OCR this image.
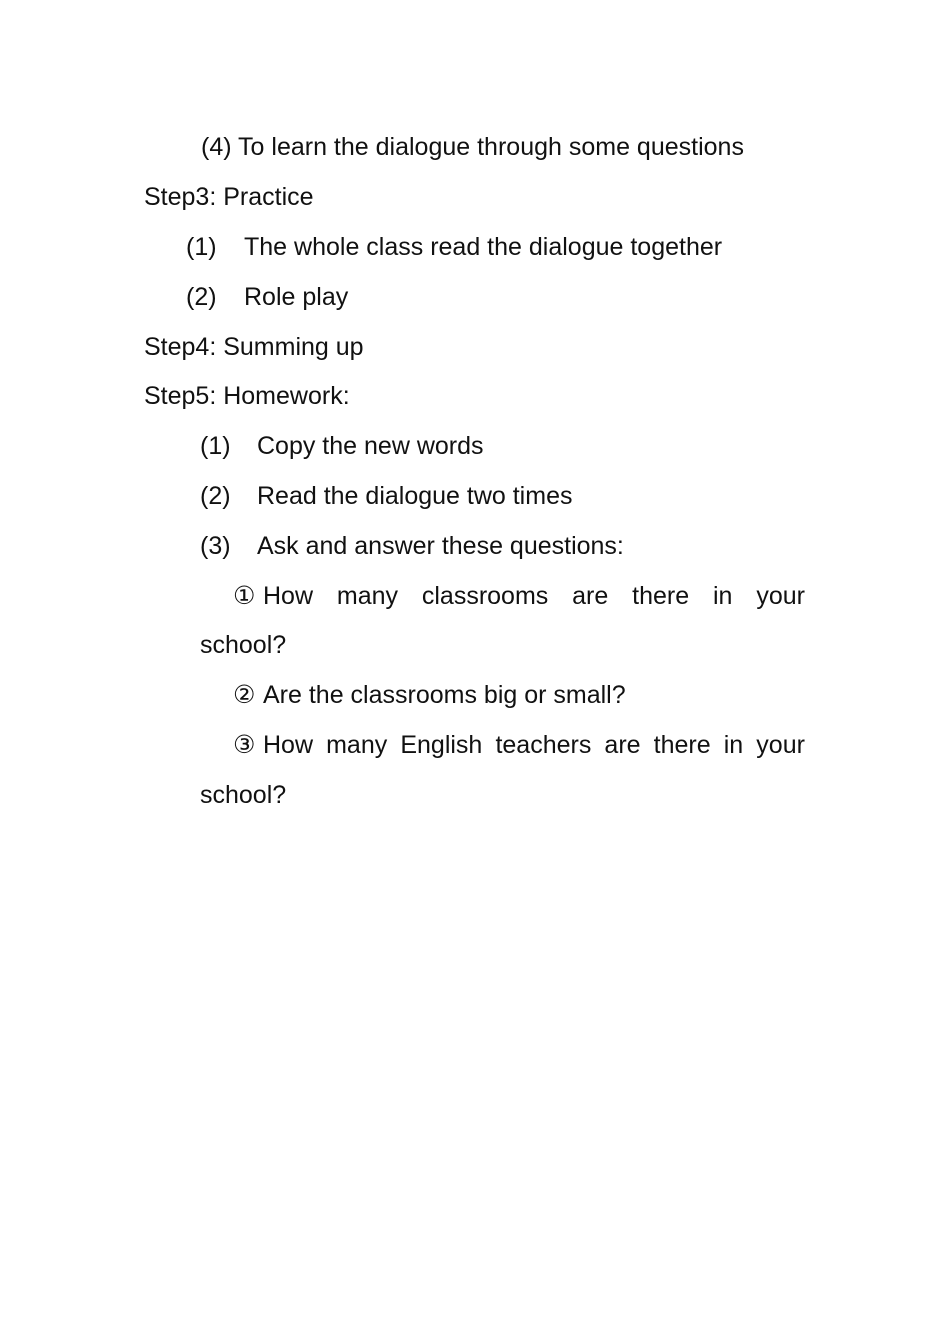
(4) To learn the dialogue through some questions
Step3: Practice
(1) The whole class read the dialogue together
(2) Role play
Step4: Summing up
Step5: Homework:
(1) Copy the new words
(2) Read the dialogue two times
(3) Ask and answer these questions:
① How many classrooms are there in your
school?
② Are the classrooms big or small?
③ How many English teachers are there in your
school?
